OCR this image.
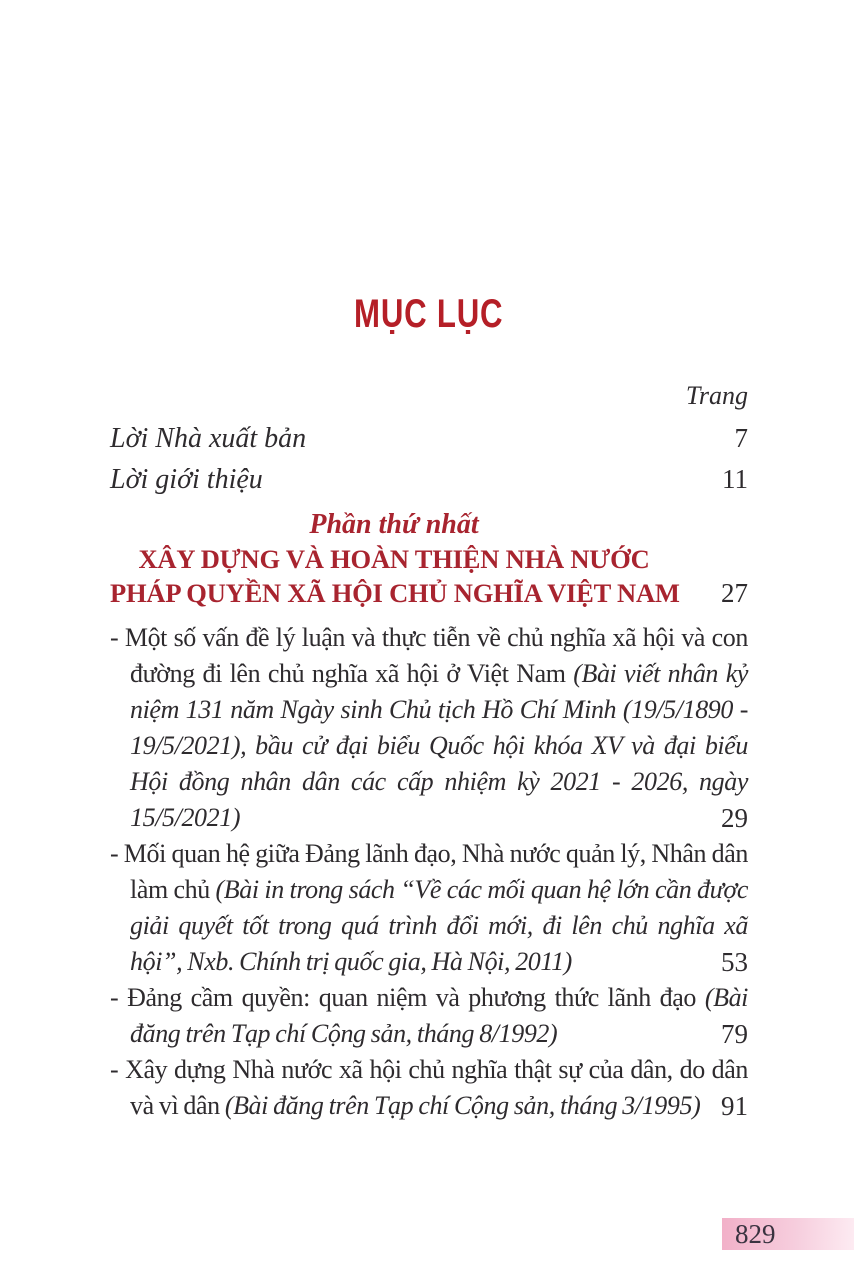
MỤC LỤC
Trang
Lời Nhà xuất bản	7
Lời giới thiệu	11
Phần thứ nhất
XÂY DỰNG VÀ HOÀN THIỆN NHÀ NƯỚC
PHÁP QUYỀN XÃ HỘI CHỦ NGHĨA VIỆT NAM 27
- Một số vấn đề lý luận và thực tiễn về chủ nghĩa xã hội và con đường đi lên chủ nghĩa xã hội ở Việt Nam (Bài viết nhân kỷ niệm 131 năm Ngày sinh Chủ tịch Hồ Chí Minh (19/5/1890 - 19/5/2021), bầu cử đại biểu Quốc hội khóa XV và đại biểu Hội đồng nhân dân các cấp nhiệm kỳ 2021 - 2026, ngày 15/5/2021)	29
- Mối quan hệ giữa Đảng lãnh đạo, Nhà nước quản lý, Nhân dân làm chủ (Bài in trong sách “Về các mối quan hệ lớn cần được giải quyết tốt trong quá trình đổi mới, đi lên chủ nghĩa xã hội”, Nxb. Chính trị quốc gia, Hà Nội, 2011)	53
- Đảng cầm quyền: quan niệm và phương thức lãnh đạo (Bài đăng trên Tạp chí Cộng sản, tháng 8/1992)	79
- Xây dựng Nhà nước xã hội chủ nghĩa thật sự của dân, do dân và vì dân (Bài đăng trên Tạp chí Cộng sản, tháng 3/1995) 91
829
